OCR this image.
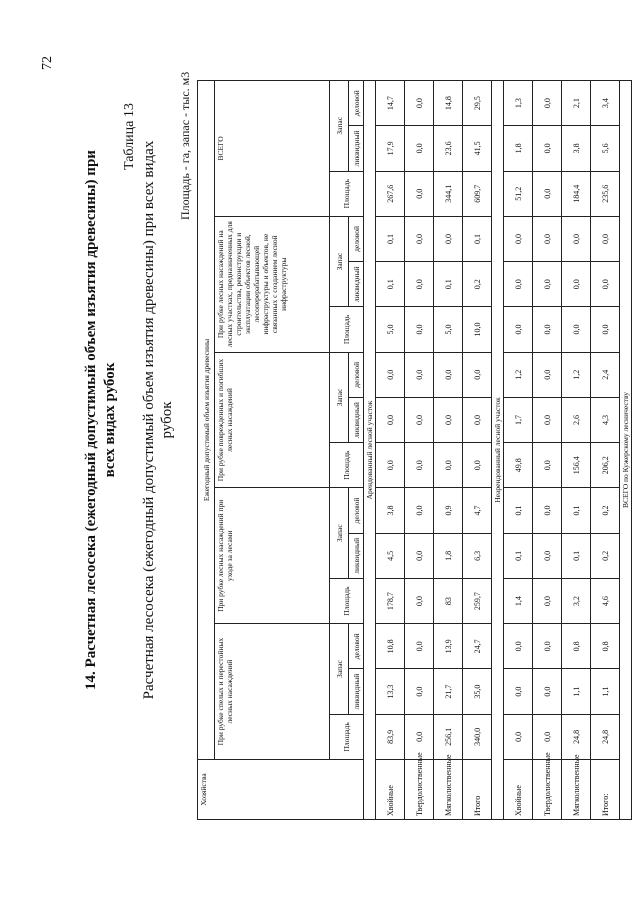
72
14. Расчетная лесосека (ежегодный допустимый объем изъятия древесины) при всех видах рубок
Таблица 13
Расчетная лесосека (ежегодный допустимый объем изъятия древесины) при всех видах рубок
Площадь - га, запас - тыс. м3
Хозяйства	Ежегодный допустимый объем изъятия древесины														
	При рубке спелых и перестойных лесных насаждений			При рубке лесных насаждений при уходе за лесами			При рубке поврежденных и погибших лесных насаждений			При рубке лесных насаждений на лесных участках, предназначенных для строительства, реконструкции и эксплуатации объектов лесной, лесоперерабатывающей инфраструктуры и объектов, не связанных с созданием лесной инфраструктуры			ВСЕГО		
	Площадь	Запас		Площадь	Запас		Площадь	Запас		Площадь	Запас		Площадь	Запас	
		ликвидный	деловой		ликвидный	деловой		ликвидный	деловой		ликвидный	деловой		ликвидный	деловой
Арендованный лесной участок															
Хвойные	83,9	13,3	10,8	178,7	4,5	3,8	0,0	0,0	0,0	5,0	0,1	0,1	267,6	17,9	14,7
Твердолиственные	0,0	0,0	0,0	0,0	0,0	0,0	0,0	0,0	0,0	0,0	0,0	0,0	0,0	0,0	0,0
Мягколиственные	256,1	21,7	13,9	83	1,8	0,9	0,0	0,0	0,0	5,0	0,1	0,0	344,1	23,6	14,8
Итого	340,0	35,0	24,7	259,7	6,3	4,7	0,0	0,0	0,0	10,0	0,2	0,1	609,7	41,5	29,5
Неарендованный лесной участок															
Хвойные	0,0	0,0	0,0	1,4	0,1	0,1	49,8	1,7	1,2	0,0	0,0	0,0	51,2	1,8	1,3
Твердолиственные	0,0	0,0	0,0	0,0	0,0	0,0	0,0	0,0	0,0	0,0	0,0	0,0	0,0	0,0	0,0
Мягколиственные	24,8	1,1	0,8	3,2	0,1	0,1	156,4	2,6	1,2	0,0	0,0	0,0	184,4	3,8	2,1
Итого:	24,8	1,1	0,8	4,6	0,2	0,2	206,2	4,3	2,4	0,0	0,0	0,0	235,6	5,6	3,4
ВСЕГО по Кужерскому лесничеству															
